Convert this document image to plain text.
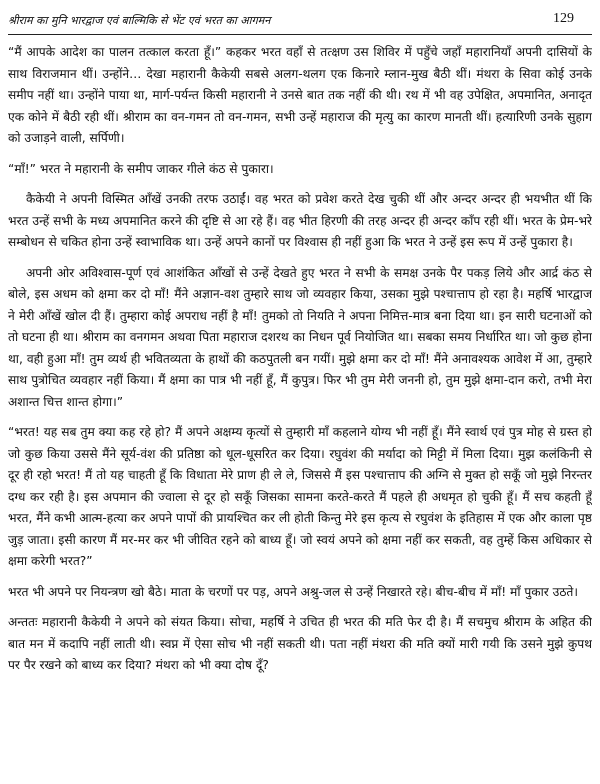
श्रीराम का मुनि भारद्वाज एवं बाल्मिकि से भेंट एवं भरत का आगमन	129

“मैं आपके आदेश का पालन तत्काल करता हूँ।” कहकर भरत वहाँ से तत्क्षण उस शिविर में पहुँचे जहाँ महारानियाँ अपनी दासियों के साथ विराजमान थीं। उन्होंने… देखा महारानी कैकेयी सबसे अलग-थलग एक किनारे म्लान-मुख बैठी थीं। मंथरा के सिवा कोई उनके समीप नहीं था। उन्होंने पाया था, मार्ग-पर्यन्त किसी महारानी ने उनसे बात तक नहीं की थी। रथ में भी वह उपेक्षित, अपमानित, अनादृत एक कोने में बैठी रही थीं। श्रीराम का वन-गमन तो वन-गमन, सभी उन्हें महाराज की मृत्यु का कारण मानती थीं। हत्यारिणी उनके सुहाग को उजाड़ने वाली, सर्पिणी।

“माँ!” भरत ने महारानी के समीप जाकर गीले कंठ से पुकारा।

कैकेयी ने अपनी विस्मित आँखें उनकी तरफ उठाईं। वह भरत को प्रवेश करते देख चुकी थीं और अन्दर अन्दर ही भयभीत थीं कि भरत उन्हें सभी के मध्य अपमानित करने की दृष्टि से आ रहे हैं। वह भीत हिरणी की तरह अन्दर ही अन्दर काँप रही थीं। भरत के प्रेम-भरे सम्बोधन से चकित होना उन्हें स्वाभाविक था। उन्हें अपने कानों पर विश्वास ही नहीं हुआ कि भरत ने उन्हें इस रूप में उन्हें पुकारा है।

अपनी ओर अविश्वास-पूर्ण एवं आशंकित आँखों से उन्हें देखते हुए भरत ने सभी के समक्ष उनके पैर पकड़ लिये और आर्द्र कंठ से बोले, इस अधम को क्षमा कर दो माँ! मैंने अज्ञान-वश तुम्हारे साथ जो व्यवहार किया, उसका मुझे पश्चात्ताप हो रहा है। महर्षि भारद्वाज ने मेरी आँखें खोल दी हैं। तुम्हारा कोई अपराध नहीं है माँ! तुमको तो नियति ने अपना निमित्त-मात्र बना दिया था। इन सारी घटनाओं को तो घटना ही था। श्रीराम का वनगमन अथवा पिता महाराज दशरथ का निधन पूर्व नियोजित था। सबका समय निर्धारित था। जो कुछ होना था, वही हुआ माँ! तुम व्यर्थ ही भवितव्यता के हाथों की कठपुतली बन गयीं। मुझे क्षमा कर दो माँ! मैंने अनावश्यक आवेश में आ, तुम्हारे साथ पुत्रोचित व्यवहार नहीं किया। मैं क्षमा का पात्र भी नहीं हूँ, मैं कुपुत्र। फिर भी तुम मेरी जननी हो, तुम मुझे क्षमा-दान करो, तभी मेरा अशान्त चित्त शान्त होगा।”

“भरत! यह सब तुम क्या कह रहे हो? मैं अपने अक्षम्य कृत्यों से तुम्हारी माँ कहलाने योग्य भी नहीं हूँ। मैंने स्वार्थ एवं पुत्र मोह से ग्रस्त हो जो कुछ किया उससे मैंने सूर्य-वंश की प्रतिष्ठा को धूल-धूसरित कर दिया। रघुवंश की मर्यादा को मिट्टी में मिला दिया। मुझ कलंकिनी से दूर ही रहो भरत! मैं तो यह चाहती हूँ कि विधाता मेरे प्राण ही ले ले, जिससे मैं इस पश्चात्ताप की अग्नि से मुक्त हो सकूँ जो मुझे निरन्तर दग्ध कर रही है। इस अपमान की ज्वाला से दूर हो सकूँ जिसका सामना करते-करते मैं पहले ही अधमृत हो चुकी हूँ। मैं सच कहती हूँ भरत, मैंने कभी आत्म-हत्या कर अपने पापों की प्रायश्चित कर ली होती किन्तु मेरे इस कृत्य से रघुवंश के इतिहास में एक और काला पृष्ठ जुड़ जाता। इसी कारण मैं मर-मर कर भी जीवित रहने को बाध्य हूँ। जो स्वयं अपने को क्षमा नहीं कर सकती, वह तुम्हें किस अधिकार से क्षमा करेगी भरत?”

भरत भी अपने पर नियन्त्रण खो बैठे। माता के चरणों पर पड़, अपने अश्रु-जल से उन्हें निखारते रहे। बीच-बीच में माँ! माँ पुकार उठते।

अन्ततः महारानी कैकेयी ने अपने को संयत किया। सोचा, महर्षि ने उचित ही भरत की मति फेर दी है। मैं सचमुच श्रीराम के अहित की बात मन में कदापि नहीं लाती थी। स्वप्न में ऐसा सोच भी नहीं सकती थी। पता नहीं मंथरा की मति क्यों मारी गयी कि उसने मुझे कुपथ पर पैर रखने को बाध्य कर दिया? मंथरा को भी क्या दोष दूँ?
